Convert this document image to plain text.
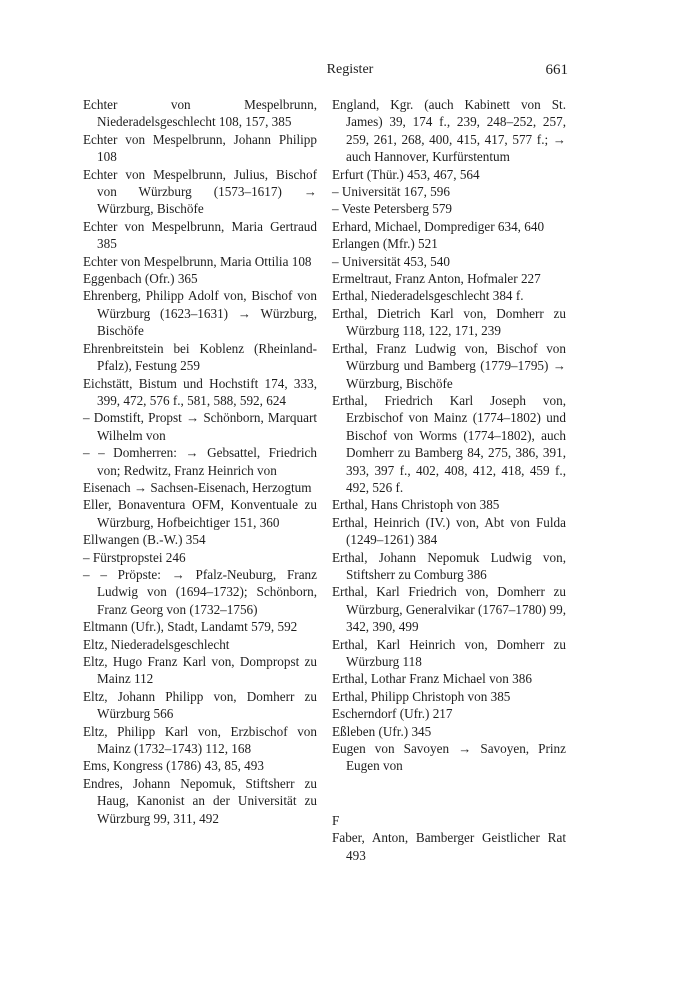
Register	661

Echter von Mespelbrunn, Niederadelsgeschlecht 108, 157, 385

Echter von Mespelbrunn, Johann Philipp 108

Echter von Mespelbrunn, Julius, Bischof von Würzburg (1573–1617) → Würzburg, Bischöfe

Echter von Mespelbrunn, Maria Gertraud 385

Echter von Mespelbrunn, Maria Ottilia 108

Eggenbach (Ofr.) 365

Ehrenberg, Philipp Adolf von, Bischof von Würzburg (1623–1631) → Würzburg, Bischöfe

Ehrenbreitstein bei Koblenz (Rheinland-Pfalz), Festung 259

Eichstätt, Bistum und Hochstift 174, 333, 399, 472, 576 f., 581, 588, 592, 624

– Domstift, Propst → Schönborn, Marquart Wilhelm von

– – Domherren: → Gebsattel, Friedrich von; Redwitz, Franz Heinrich von

Eisenach → Sachsen-Eisenach, Herzogtum

Eller, Bonaventura OFM, Konventuale zu Würzburg, Hofbeichtiger 151, 360

Ellwangen (B.-W.) 354

– Fürstpropstei 246

– – Pröpste: → Pfalz-Neuburg, Franz Ludwig von (1694–1732); Schönborn, Franz Georg von (1732–1756)

Eltmann (Ufr.), Stadt, Landamt 579, 592

Eltz, Niederadelsgeschlecht

Eltz, Hugo Franz Karl von, Dompropst zu Mainz 112

Eltz, Johann Philipp von, Domherr zu Würzburg 566

Eltz, Philipp Karl von, Erzbischof von Mainz (1732–1743) 112, 168

Ems, Kongress (1786) 43, 85, 493

Endres, Johann Nepomuk, Stiftsherr zu Haug, Kanonist an der Universität zu Würzburg 99, 311, 492

England, Kgr. (auch Kabinett von St. James) 39, 174 f., 239, 248–252, 257, 259, 261, 268, 400, 415, 417, 577 f.; → auch Hannover, Kurfürstentum

Erfurt (Thür.) 453, 467, 564

– Universität 167, 596

– Veste Petersberg 579

Erhard, Michael, Domprediger 634, 640

Erlangen (Mfr.) 521

– Universität 453, 540

Ermeltraut, Franz Anton, Hofmaler 227

Erthal, Niederadelsgeschlecht 384 f.

Erthal, Dietrich Karl von, Domherr zu Würzburg 118, 122, 171, 239

Erthal, Franz Ludwig von, Bischof von Würzburg und Bamberg (1779–1795) → Würzburg, Bischöfe

Erthal, Friedrich Karl Joseph von, Erzbischof von Mainz (1774–1802) und Bischof von Worms (1774–1802), auch Domherr zu Bamberg 84, 275, 386, 391, 393, 397 f., 402, 408, 412, 418, 459 f., 492, 526 f.

Erthal, Hans Christoph von 385

Erthal, Heinrich (IV.) von, Abt von Fulda (1249–1261) 384

Erthal, Johann Nepomuk Ludwig von, Stiftsherr zu Comburg 386

Erthal, Karl Friedrich von, Domherr zu Würzburg, Generalvikar (1767–1780) 99, 342, 390, 499

Erthal, Karl Heinrich von, Domherr zu Würzburg 118

Erthal, Lothar Franz Michael von 386

Erthal, Philipp Christoph von 385

Escherndorf (Ufr.) 217

Eßleben (Ufr.) 345

Eugen von Savoyen → Savoyen, Prinz Eugen von

F

Faber, Anton, Bamberger Geistlicher Rat 493
